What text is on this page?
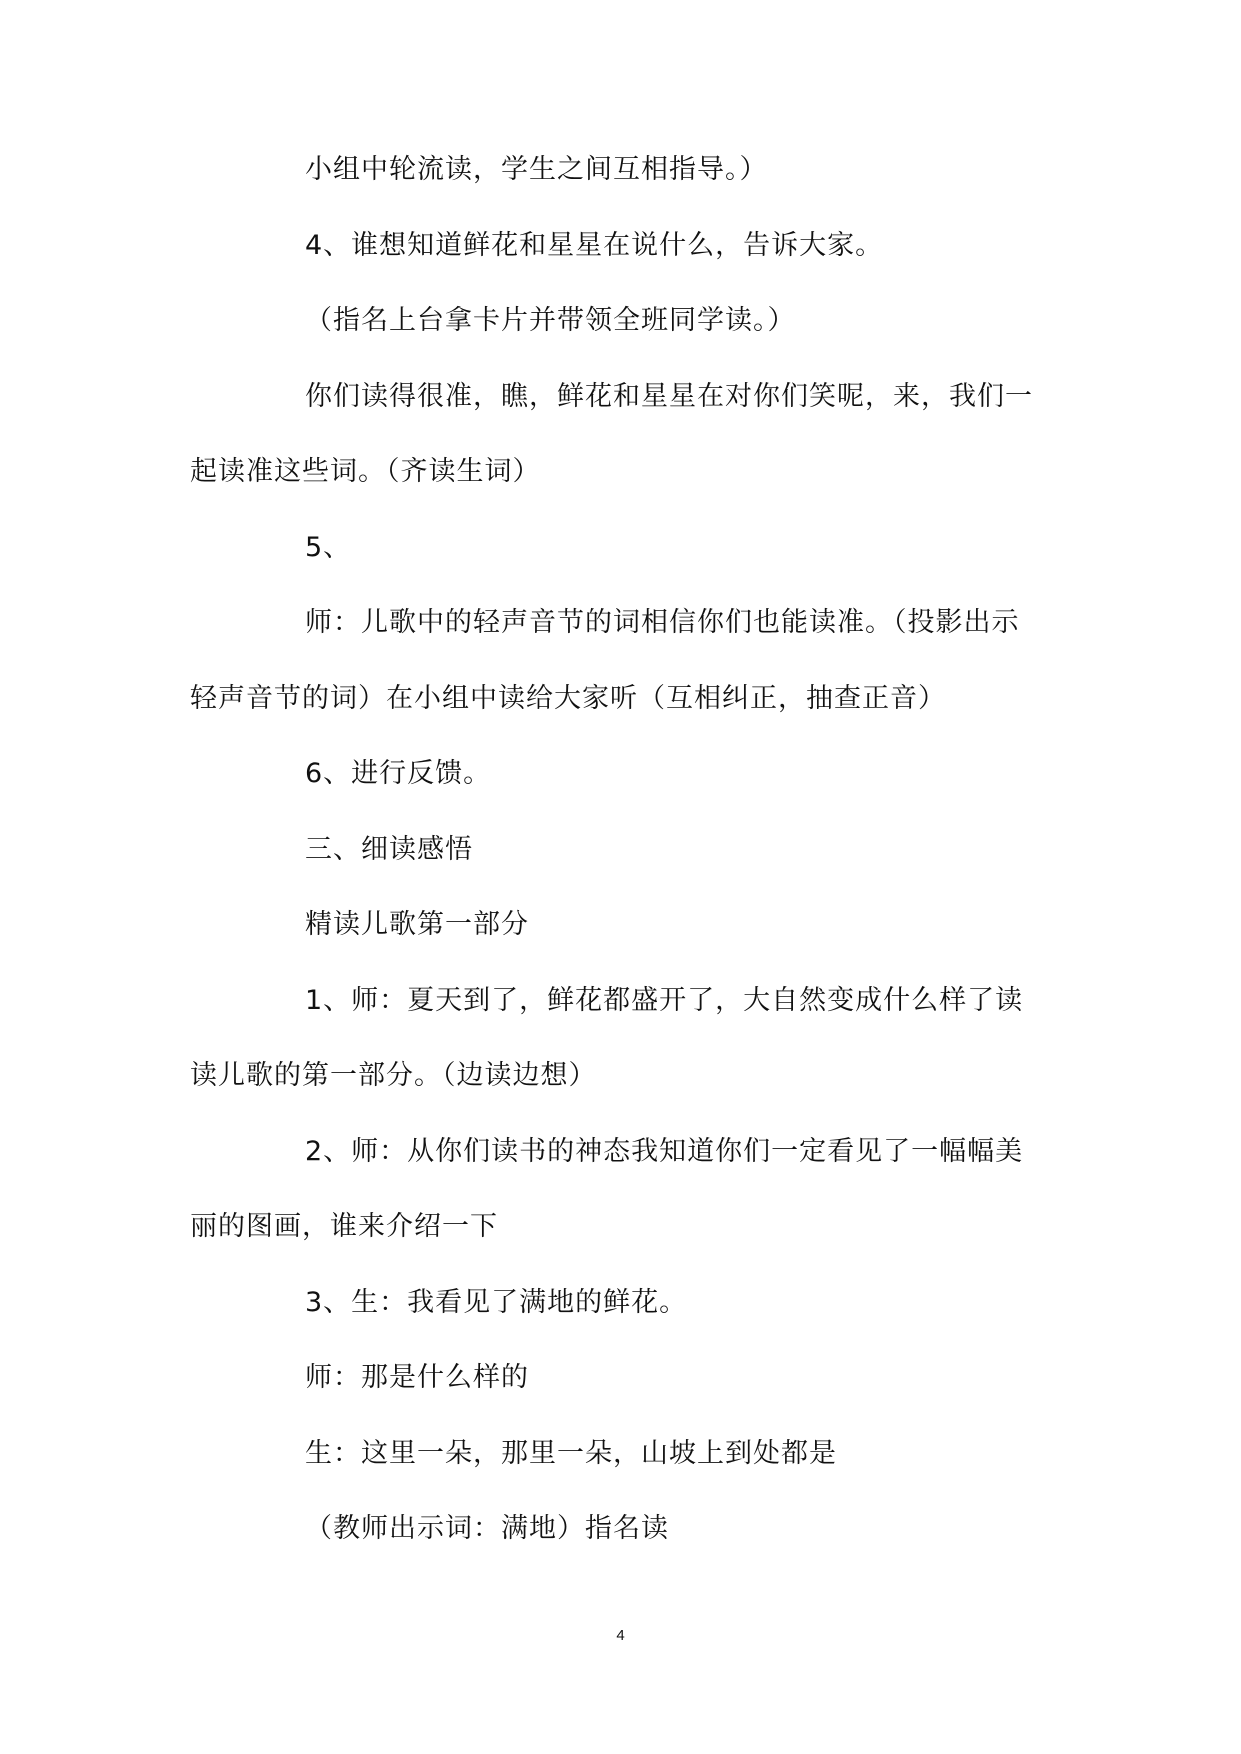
小组中轮流读，学生之间互相指导。）
4、谁想知道鲜花和星星在说什么，告诉大家。
（指名上台拿卡片并带领全班同学读。）
你们读得很准，瞧，鲜花和星星在对你们笑呢，来，我们一
起读准这些词。（齐读生词）
5、
师：儿歌中的轻声音节的词相信你们也能读准。（投影出示
轻声音节的词）在小组中读给大家听（互相纠正，抽查正音）
6、进行反馈。
三、细读感悟
精读儿歌第一部分
1、师：夏天到了，鲜花都盛开了，大自然变成什么样了读
读儿歌的第一部分。（边读边想）
2、师：从你们读书的神态我知道你们一定看见了一幅幅美
丽的图画，谁来介绍一下
3、生：我看见了满地的鲜花。
师：那是什么样的
生：这里一朵，那里一朵，山坡上到处都是
（教师出示词：满地）指名读
4
